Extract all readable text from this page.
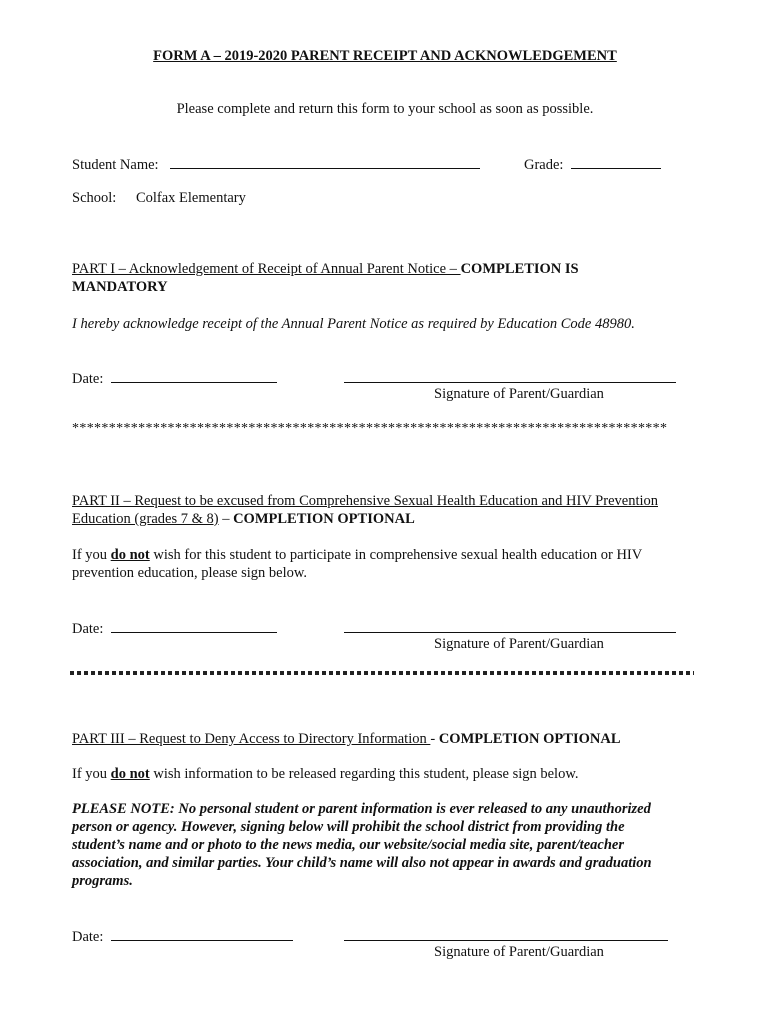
FORM A – 2019-2020 PARENT RECEIPT AND ACKNOWLEDGEMENT
Please complete and return this form to your school as soon as possible.
Student Name:	Grade:
School: Colfax Elementary
PART I – Acknowledgement of Receipt of Annual Parent Notice – COMPLETION IS
MANDATORY
I hereby acknowledge receipt of the Annual Parent Notice as required by Education Code 48980.
Date:
Signature of Parent/Guardian
*********************************************************************************
PART II – Request to be excused from Comprehensive Sexual Health Education and HIV Prevention
Education (grades 7 & 8) – COMPLETION OPTIONAL
If you do not wish for this student to participate in comprehensive sexual health education or HIV
prevention education, please sign below.
Date:
Signature of Parent/Guardian
PART III – Request to Deny Access to Directory Information - COMPLETION OPTIONAL
If you do not wish information to be released regarding this student, please sign below.
PLEASE NOTE: No personal student or parent information is ever released to any unauthorized
person or agency. However, signing below will prohibit the school district from providing the
student’s name and or photo to the news media, our website/social media site, parent/teacher
association, and similar parties. Your child’s name will also not appear in awards and graduation
programs.
Date:
Signature of Parent/Guardian
